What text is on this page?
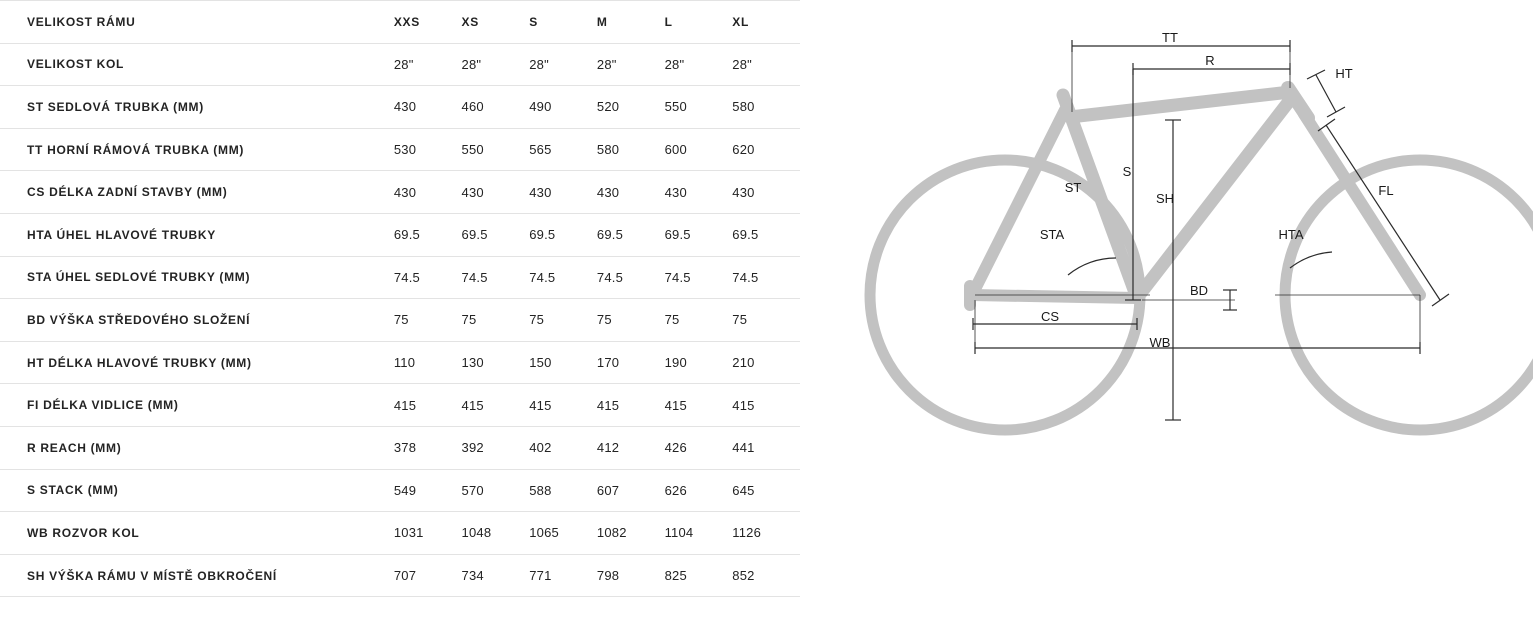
VELIKOST RÁMU	XXS	XS	S	M	L	XL
VELIKOST KOL	28"	28"	28"	28"	28"	28"
ST SEDLOVÁ TRUBKA (MM)	430	460	490	520	550	580
TT HORNÍ RÁMOVÁ TRUBKA (MM)	530	550	565	580	600	620
CS DÉLKA ZADNÍ STAVBY (MM)	430	430	430	430	430	430
HTA ÚHEL HLAVOVÉ TRUBKY	69.5	69.5	69.5	69.5	69.5	69.5
STA ÚHEL SEDLOVÉ TRUBKY (MM)	74.5	74.5	74.5	74.5	74.5	74.5
BD VÝŠKA STŘEDOVÉHO SLOŽENÍ	75	75	75	75	75	75
HT DÉLKA HLAVOVÉ TRUBKY (MM)	110	130	150	170	190	210
FI DÉLKA VIDLICE (MM)	415	415	415	415	415	415
R REACH (MM)	378	392	402	412	426	441
S STACK (MM)	549	570	588	607	626	645
WB ROZVOR KOL	1031	1048	1065	1082	1104	1126
SH VÝŠKA RÁMU V MÍSTĚ OBKROČENÍ	707	734	771	798	825	852
TT
R
HT
ST
S
SH
STA	HTA
FL
BD
CS
WB
